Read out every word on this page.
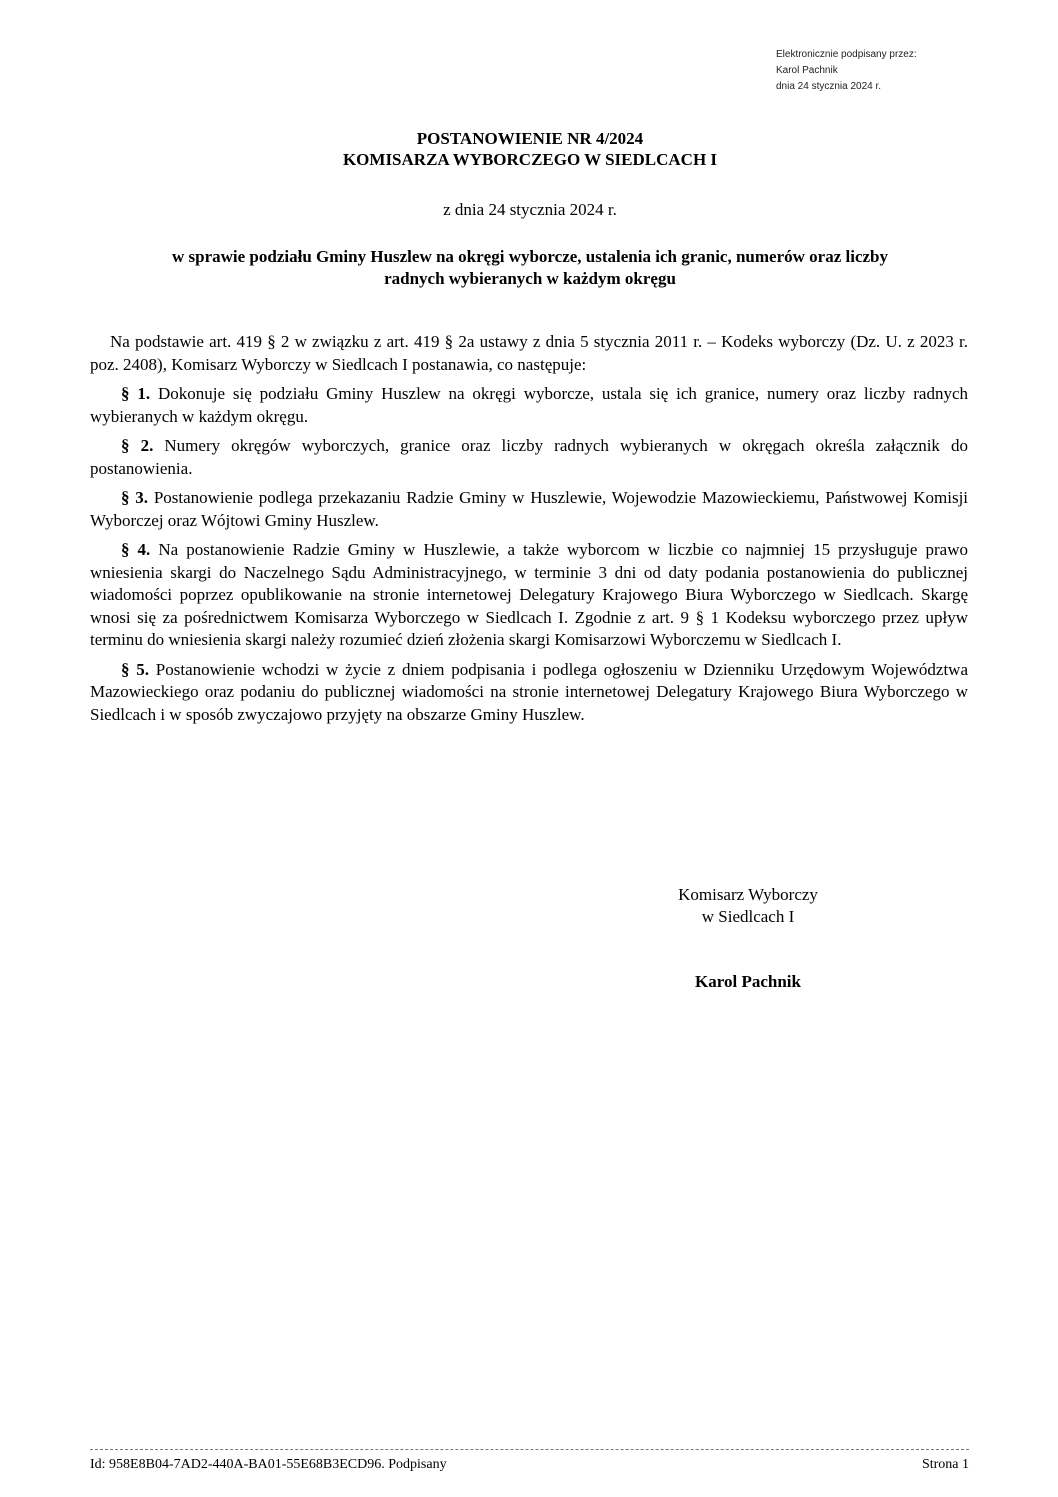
Elektronicznie podpisany przez:
Karol Pachnik
dnia 24 stycznia 2024 r.
POSTANOWIENIE NR 4/2024
KOMISARZA WYBORCZEGO W SIEDLCACH I
z dnia 24 stycznia 2024 r.
w sprawie podziału Gminy Huszlew na okręgi wyborcze, ustalenia ich granic, numerów oraz liczby
radnych wybieranych w każdym okręgu

Na podstawie art. 419 § 2 w związku z art. 419 § 2a ustawy z dnia 5 stycznia 2011 r. – Kodeks wyborczy (Dz. U. z 2023 r. poz. 2408), Komisarz Wyborczy w Siedlcach I postanawia, co następuje:

§ 1. Dokonuje się podziału Gminy Huszlew na okręgi wyborcze, ustala się ich granice, numery oraz liczby radnych wybieranych w każdym okręgu.

§ 2. Numery okręgów wyborczych, granice oraz liczby radnych wybieranych w okręgach określa załącznik do postanowienia.

§ 3. Postanowienie podlega przekazaniu Radzie Gminy w Huszlewie, Wojewodzie Mazowieckiemu, Państwowej Komisji Wyborczej oraz Wójtowi Gminy Huszlew.

§ 4. Na postanowienie Radzie Gminy w Huszlewie, a także wyborcom w liczbie co najmniej 15 przysługuje prawo wniesienia skargi do Naczelnego Sądu Administracyjnego, w terminie 3 dni od daty podania postanowienia do publicznej wiadomości poprzez opublikowanie na stronie internetowej Delegatury Krajowego Biura Wyborczego w Siedlcach. Skargę wnosi się za pośrednictwem Komisarza Wyborczego w Siedlcach I. Zgodnie z art. 9 § 1 Kodeksu wyborczego przez upływ terminu do wniesienia skargi należy rozumieć dzień złożenia skargi Komisarzowi Wyborczemu w Siedlcach I.

§ 5. Postanowienie wchodzi w życie z dniem podpisania i podlega ogłoszeniu w Dzienniku Urzędowym Województwa Mazowieckiego oraz podaniu do publicznej wiadomości na stronie internetowej Delegatury Krajowego Biura Wyborczego w Siedlcach i w sposób zwyczajowo przyjęty na obszarze Gminy Huszlew.

Komisarz Wyborczy
w Siedlcach I
Karol Pachnik
Id: 958E8B04-7AD2-440A-BA01-55E68B3ECD96. Podpisany	Strona 1
